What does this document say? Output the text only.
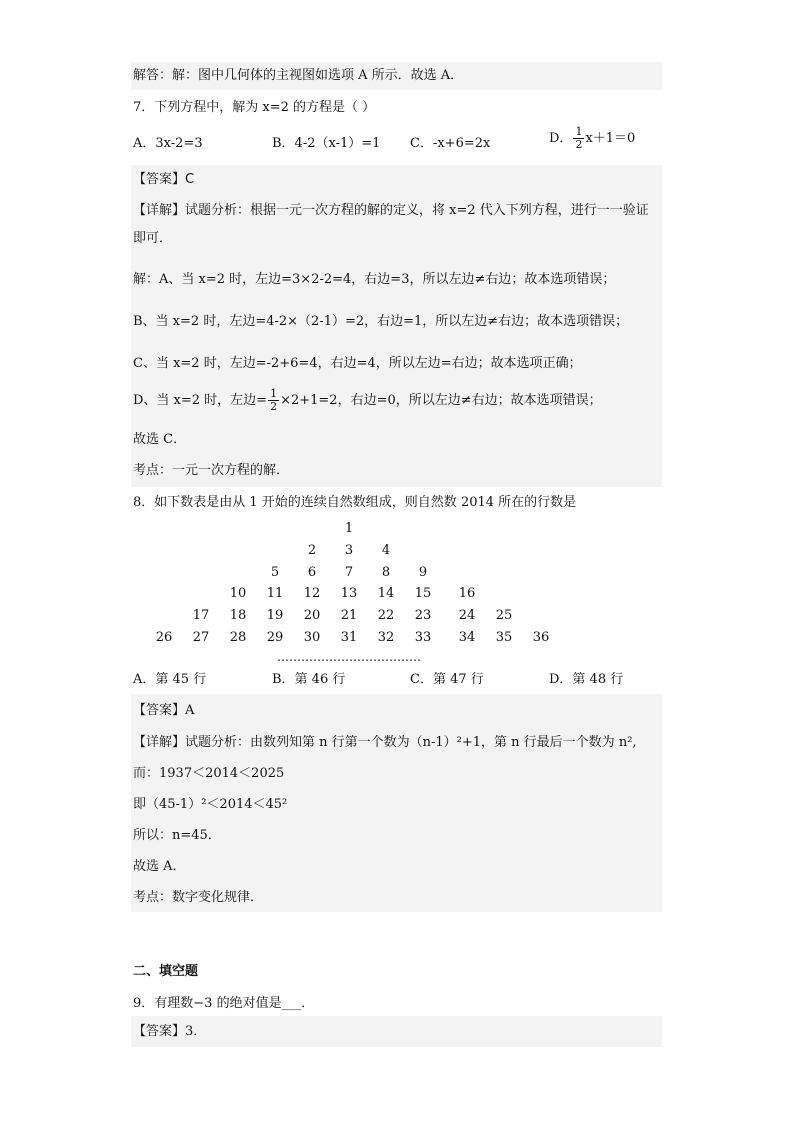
解答：解：图中几何体的主视图如选项 A 所示．故选 A．
7．下列方程中，解为 x=2 的方程是（ ）
A．3x-2=3	B．4-2（x-1）=1 C．-x+6=2x	D． $\frac{1}{2} x+1=0$
【答案】C
【详解】试题分析：根据一元一次方程的解的定义，将 x=2 代入下列方程，进行一一验证即可．
解：A、当 x=2 时，左边=3×2-2=4，右边=3，所以左边≠右边；故本选项错误；
B、当 x=2 时，左边=4-2×（2-1）=2，右边=1，所以左边≠右边；故本选项错误；
C、当 x=2 时，左边=-2+6=4，右边=4，所以左边=右边；故本选项正确；
D、当 x=2 时，左边= $\frac{1}{2} \times 2+1=2$，右边=0，所以左边≠右边；故本选项错误；
故选 C．
考点：一元一次方程的解．
8．如下数表是由从 1 开始的连续自然数组成，则自然数 2014 所在的行数是
1
2	3	4
5	6	7	8	9
10	11	12	13	14	15	16
17	18	19	20	21	22	23	24	25
26	27	28	29	30	31	32	33	34	35	36
………………………………
A．第 45 行	B．第 46 行	C．第 47 行	D．第 48 行
【答案】A
【详解】试题分析：由数列知第 n 行第一个数为（n-1）²+1，第 n 行最后一个数为 n²,
而：1937＜2014＜2025
即（45-1）²＜2014＜45²
所以：n=45．
故选 A．
考点：数字变化规律．
二、填空题
9．有理数−3 的绝对值是___．
【答案】3．
